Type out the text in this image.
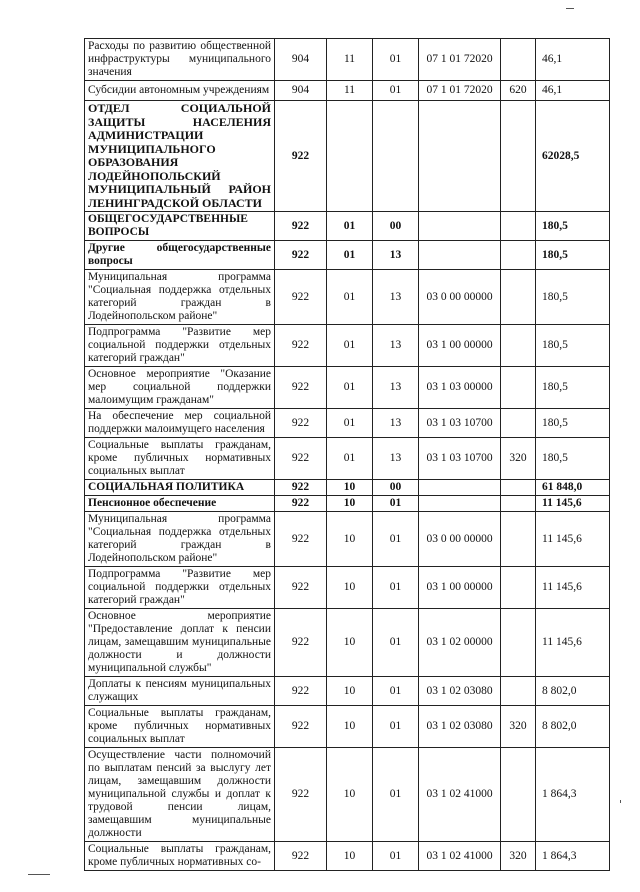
Расходы по развитию общественной инфраструктуры муниципального значения	904	11	01	07 1 01 72020		46,1
Субсидии автономным учреждениям	904	11	01	07 1 01 72020	620	46,1
ОТДЕЛ СОЦИАЛЬНОЙ ЗАЩИТЫ НАСЕЛЕНИЯ АДМИНИСТРАЦИИ МУНИЦИПАЛЬНОГО ОБРАЗОВАНИЯ ЛОДЕЙНОПОЛЬСКИЙ МУНИЦИПАЛЬНЫЙ РАЙОН ЛЕНИНГРАДСКОЙ ОБЛАСТИ	922					62028,5
ОБЩЕГОСУДАРСТВЕННЫЕ ВОПРОСЫ	922	01	00			180,5
Другие общегосударственные вопросы	922	01	13			180,5
Муниципальная программа "Социальная поддержка отдельных категорий граждан в Лодейнопольском районе"	922	01	13	03 0 00 00000		180,5
Подпрограмма "Развитие мер социальной поддержки отдельных категорий граждан"	922	01	13	03 1 00 00000		180,5
Основное мероприятие "Оказание мер социальной поддержки малоимущим гражданам"	922	01	13	03 1 03 00000		180,5
На обеспечение мер социальной поддержки малоимущего населения	922	01	13	03 1 03 10700		180,5
Социальные выплаты гражданам, кроме публичных нормативных социальных выплат	922	01	13	03 1 03 10700	320	180,5
СОЦИАЛЬНАЯ ПОЛИТИКА	922	10	00			61 848,0
Пенсионное обеспечение	922	10	01			11 145,6
Муниципальная программа "Социальная поддержка отдельных категорий граждан в Лодейнопольском районе"	922	10	01	03 0 00 00000		11 145,6
Подпрограмма "Развитие мер социальной поддержки отдельных категорий граждан"	922	10	01	03 1 00 00000		11 145,6
Основное мероприятие "Предоставление доплат к пенсии лицам, замещавшим муниципальные должности и должности муниципальной службы"	922	10	01	03 1 02 00000		11 145,6
Доплаты к пенсиям муниципальных служащих	922	10	01	03 1 02 03080		8 802,0
Социальные выплаты гражданам, кроме публичных нормативных социальных выплат	922	10	01	03 1 02 03080	320	8 802,0
Осуществление части полномочий по выплатам пенсий за выслугу лет лицам, замещавшим должности муниципальной службы и доплат к трудовой пенсии лицам, замещавшим муниципальные должности	922	10	01	03 1 02 41000		1 864,3
Социальные выплаты гражданам, кроме публичных нормативных со-	922	10	01	03 1 02 41000	320	1 864,3
